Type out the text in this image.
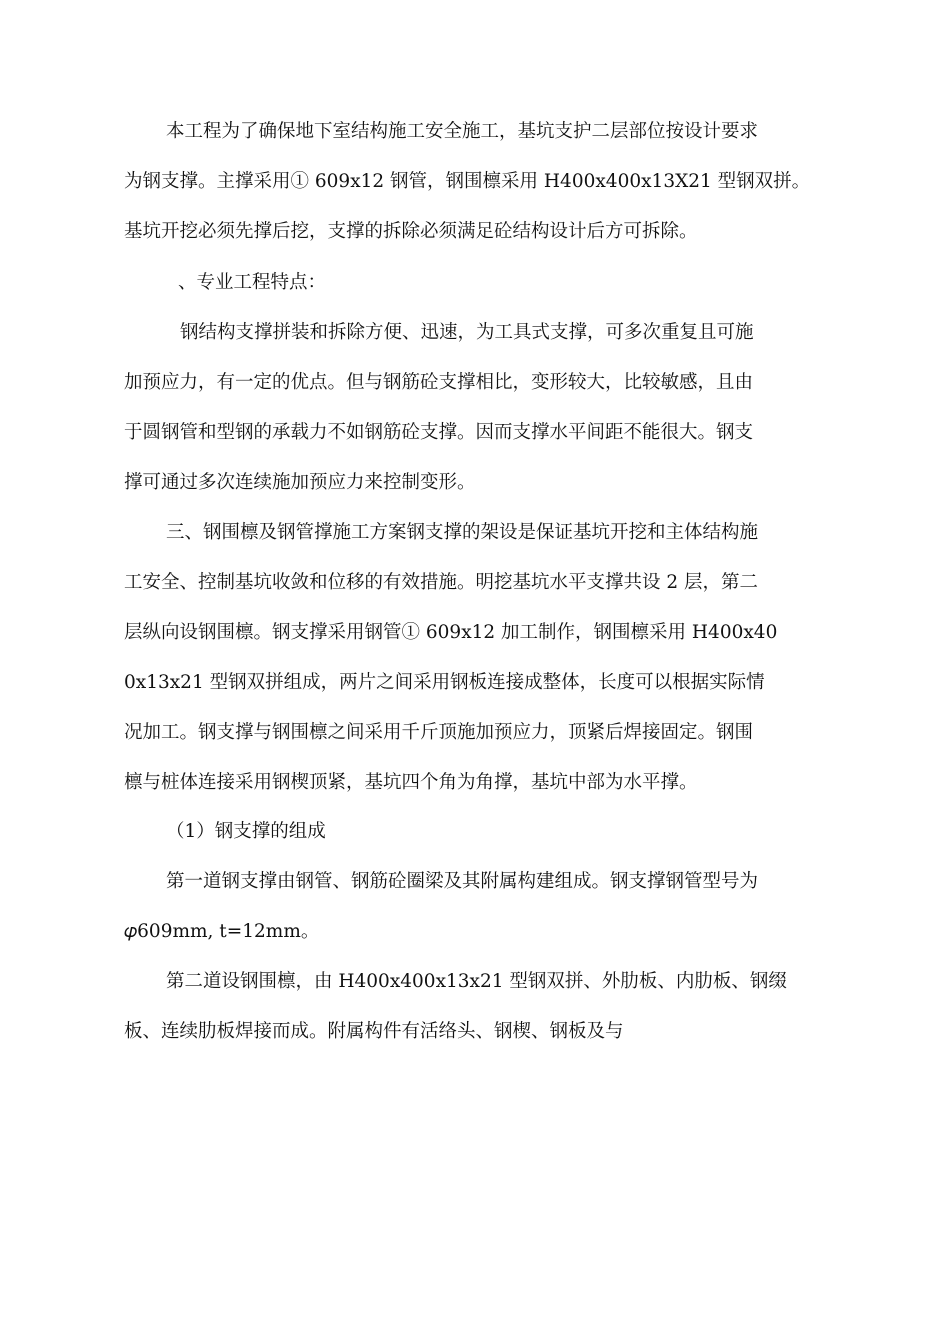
本工程为了确保地下室结构施工安全施工，基坑支护二层部位按设计要求
为钢支撑。主撑采用① 609x12 钢管，钢围檩采用 H400x400x13X21 型钢双拼。
基坑开挖必须先撑后挖，支撑的拆除必须满足砼结构设计后方可拆除。
、专业工程特点：
钢结构支撑拼装和拆除方便、迅速，为工具式支撑，可多次重复且可施
加预应力，有一定的优点。但与钢筋砼支撑相比，变形较大，比较敏感，且由
于圆钢管和型钢的承载力不如钢筋砼支撑。因而支撑水平间距不能很大。钢支
撑可通过多次连续施加预应力来控制变形。
三、钢围檩及钢管撑施工方案钢支撑的架设是保证基坑开挖和主体结构施
工安全、控制基坑收敛和位移的有效措施。明挖基坑水平支撑共设 2 层，第二
层纵向设钢围檩。钢支撑采用钢管① 609x12 加工制作，钢围檩采用 H400x40
0x13x21 型钢双拼组成，两片之间采用钢板连接成整体，长度可以根据实际情
况加工。钢支撑与钢围檩之间采用千斤顶施加预应力，顶紧后焊接固定。钢围
檩与桩体连接采用钢楔顶紧，基坑四个角为角撑，基坑中部为水平撑。
（1）钢支撑的组成
第一道钢支撑由钢管、钢筋砼圈梁及其附属构建组成。钢支撑钢管型号为
𝜑609mm, t=12mm。
第二道设钢围檩，由 H400x400x13x21 型钢双拼、外肋板、内肋板、钢缀
板、连续肋板焊接而成。附属构件有活络头、钢楔、钢板及与
